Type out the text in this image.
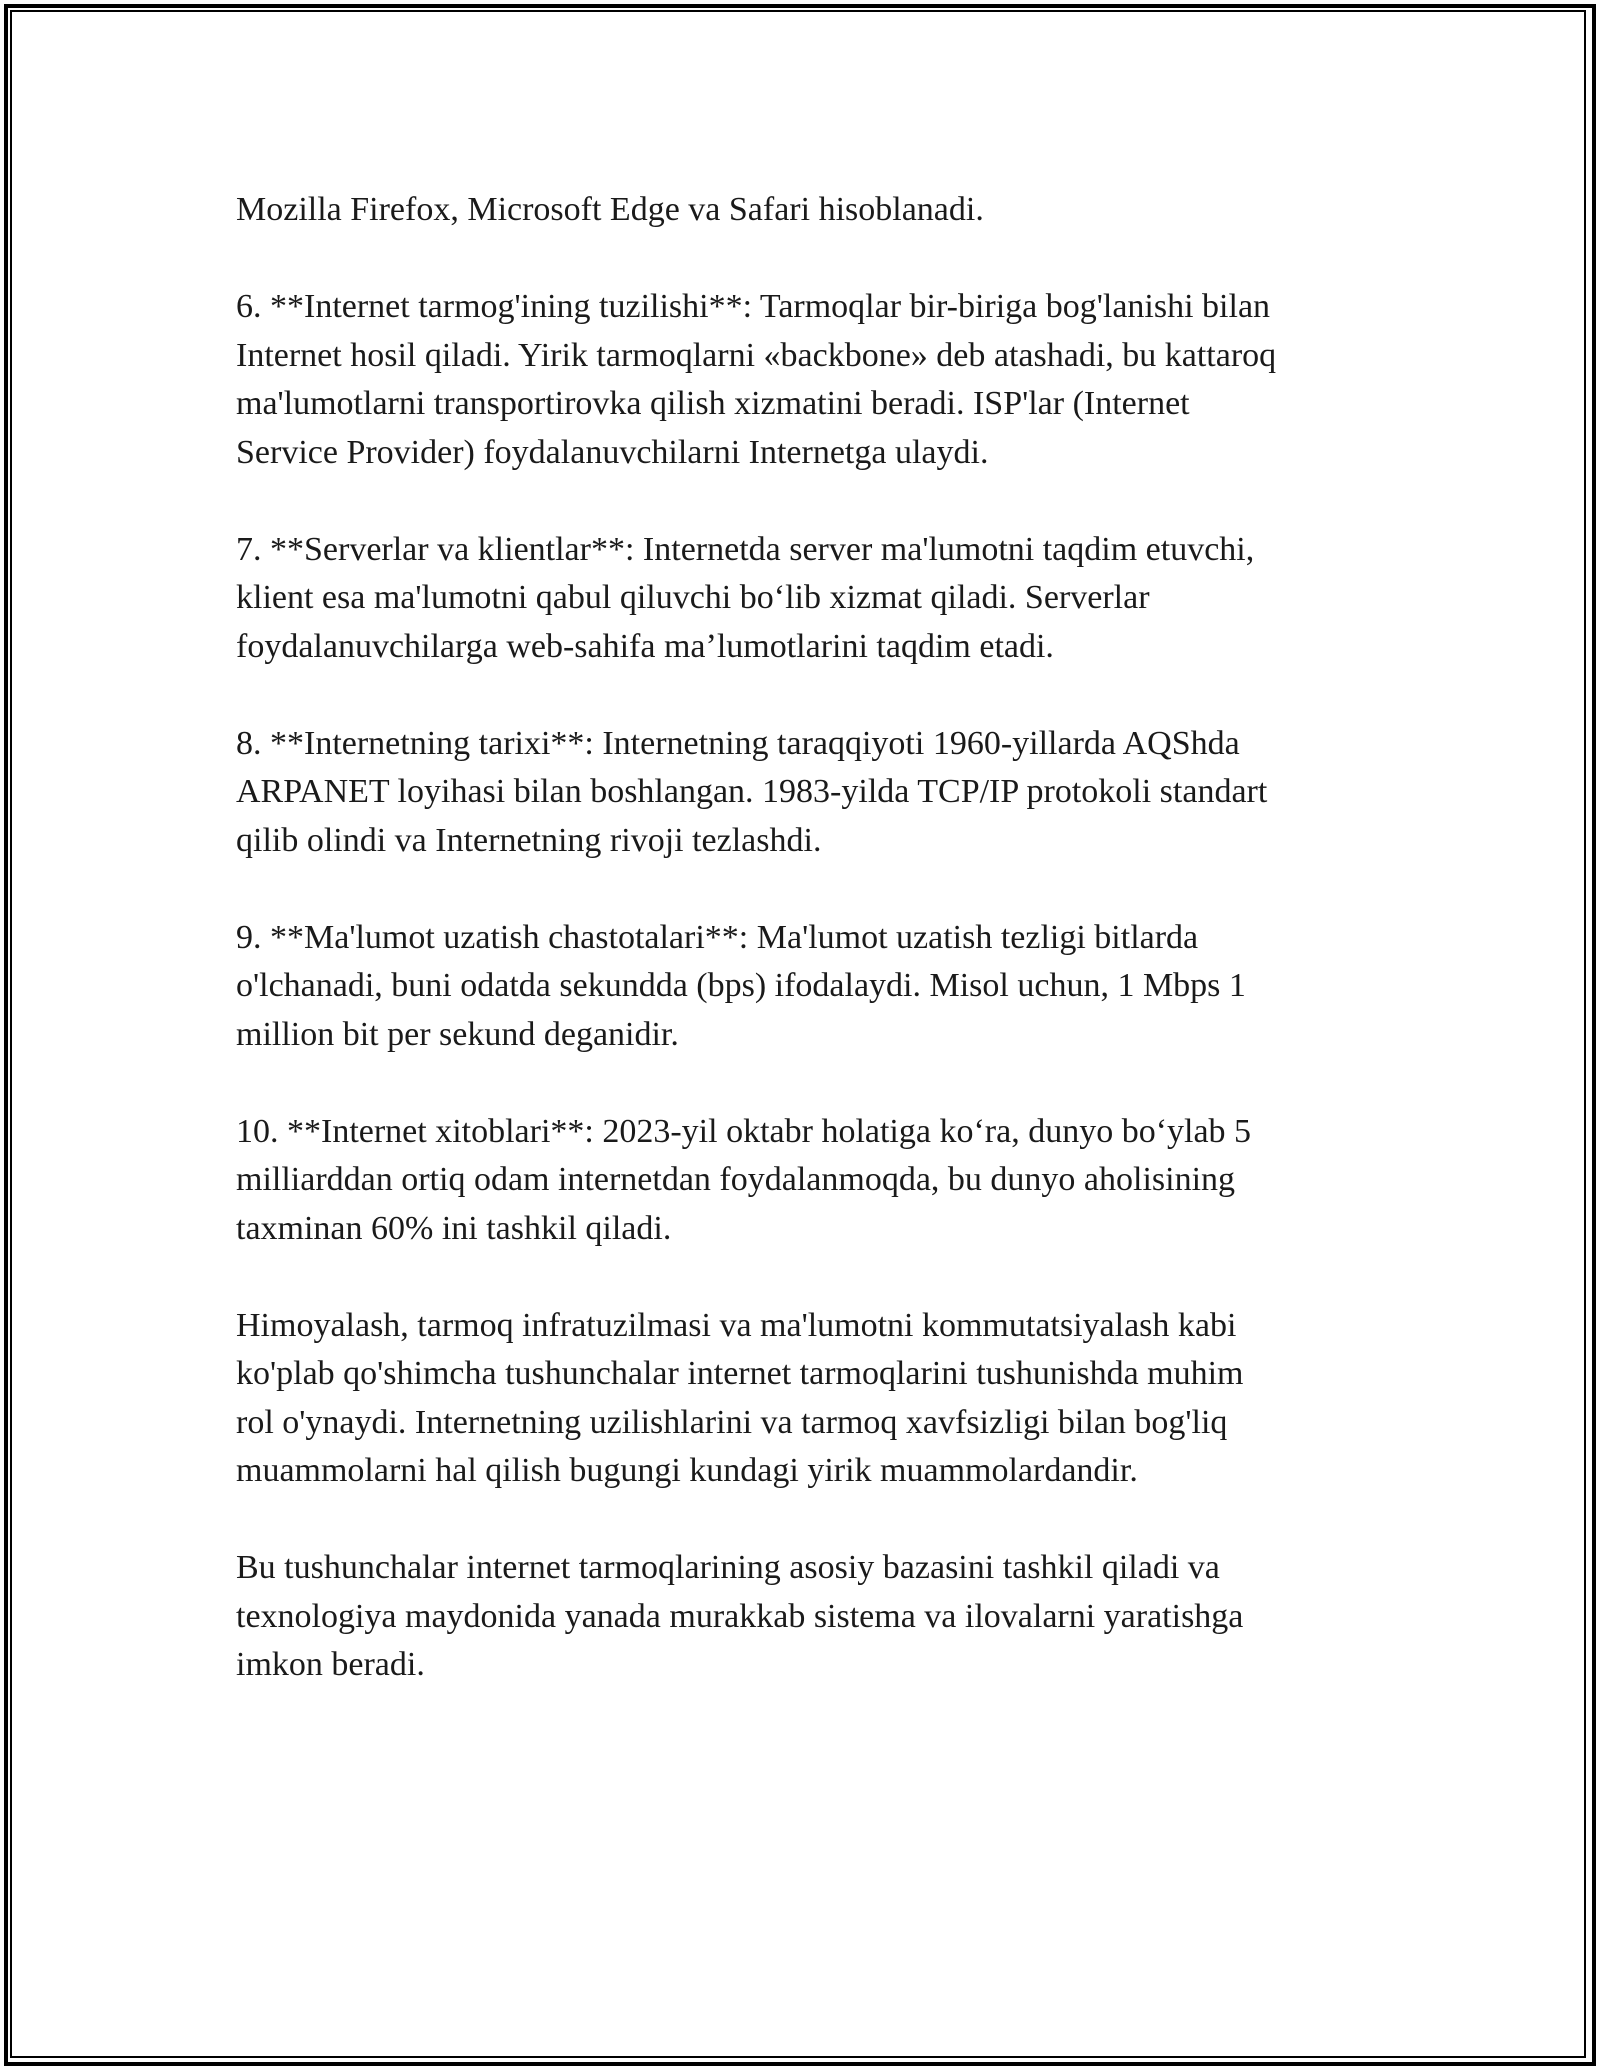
Mozilla Firefox, Microsoft Edge va Safari hisoblanadi.

6. **Internet tarmog'ining tuzilishi**: Tarmoqlar bir-biriga bog'lanishi bilan
Internet hosil qiladi. Yirik tarmoqlarni «backbone» deb atashadi, bu kattaroq
ma'lumotlarni transportirovka qilish xizmatini beradi. ISP'lar (Internet
Service Provider) foydalanuvchilarni Internetga ulaydi.

7. **Serverlar va klientlar**: Internetda server ma'lumotni taqdim etuvchi,
klient esa ma'lumotni qabul qiluvchi boʻlib xizmat qiladi. Serverlar
foydalanuvchilarga web-sahifa maʼlumotlarini taqdim etadi.

8. **Internetning tarixi**: Internetning taraqqiyoti 1960-yillarda AQShda
ARPANET loyihasi bilan boshlangan. 1983-yilda TCP/IP protokoli standart
qilib olindi va Internetning rivoji tezlashdi.

9. **Ma'lumot uzatish chastotalari**: Ma'lumot uzatish tezligi bitlarda
o'lchanadi, buni odatda sekundda (bps) ifodalaydi. Misol uchun, 1 Mbps 1
million bit per sekund deganidir.

10. **Internet xitoblari**: 2023-yil oktabr holatiga koʻra, dunyo boʻylab 5
milliarddan ortiq odam internetdan foydalanmoqda, bu dunyo aholisining
taxminan 60% ini tashkil qiladi.

Himoyalash, tarmoq infratuzilmasi va ma'lumotni kommutatsiyalash kabi
ko'plab qo'shimcha tushunchalar internet tarmoqlarini tushunishda muhim
rol o'ynaydi. Internetning uzilishlarini va tarmoq xavfsizligi bilan bog'liq
muammolarni hal qilish bugungi kundagi yirik muammolardandir.

Bu tushunchalar internet tarmoqlarining asosiy bazasini tashkil qiladi va
texnologiya maydonida yanada murakkab sistema va ilovalarni yaratishga
imkon beradi.
